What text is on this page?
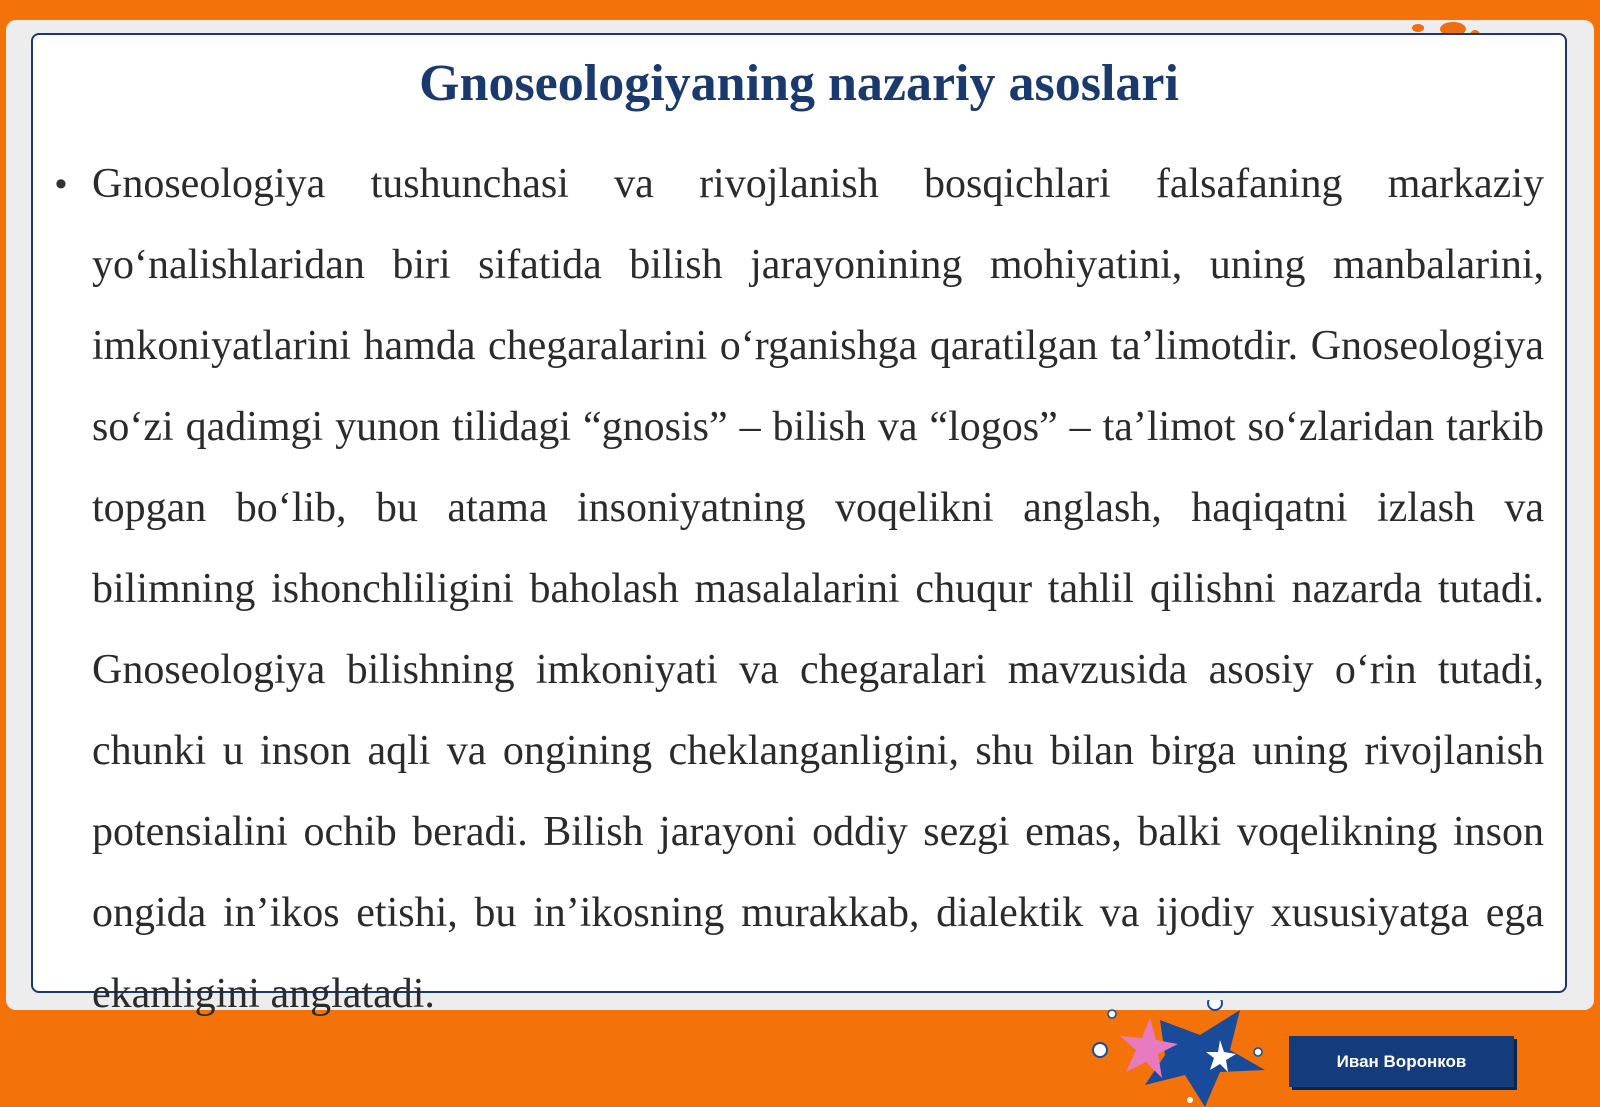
Gnoseologiyaning nazariy asoslari
• Gnoseologiya tushunchasi va rivojlanish bosqichlari falsafaning markaziy yo‘nalishlaridan biri sifatida bilish jarayonining mohiyatini, uning manbalarini, imkoniyatlarini hamda chegaralarini o‘rganishga qaratilgan ta’limotdir. Gnoseologiya so‘zi qadimgi yunon tilidagi “gnosis” – bilish va “logos” – ta’limot so‘zlaridan tarkib topgan bo‘lib, bu atama insoniyatning voqelikni anglash, haqiqatni izlash va bilimning ishonchliligini baholash masalalarini chuqur tahlil qilishni nazarda tutadi. Gnoseologiya bilishning imkoniyati va chegaralari mavzusida asosiy o‘rin tutadi, chunki u inson aqli va ongining cheklanganligini, shu bilan birga uning rivojlanish potensialini ochib beradi. Bilish jarayoni oddiy sezgi emas, balki voqelikning inson ongida in’ikos etishi, bu in’ikosning murakkab, dialektik va ijodiy xususiyatga ega ekanligini anglatadi.

Иван Воронков
